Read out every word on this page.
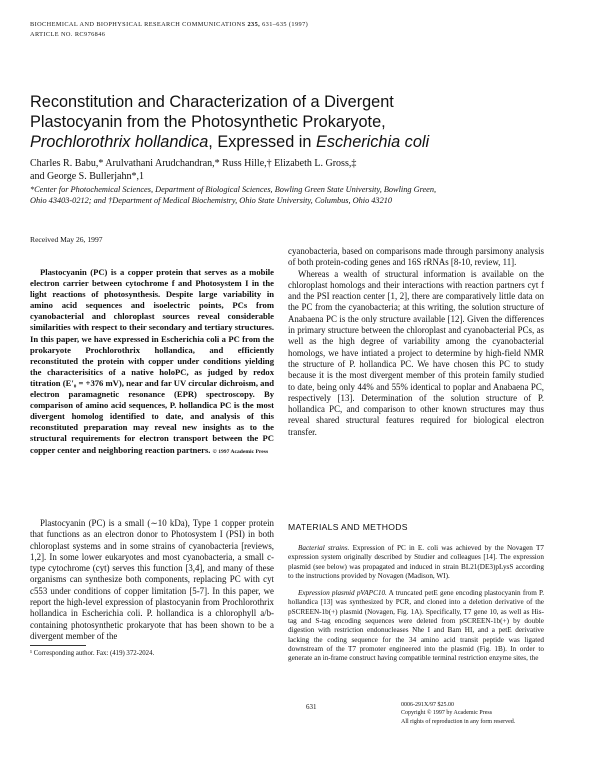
BIOCHEMICAL AND BIOPHYSICAL RESEARCH COMMUNICATIONS 235, 631–635 (1997)
ARTICLE NO. RC976846
Reconstitution and Characterization of a Divergent
Plastocyanin from the Photosynthetic Prokaryote,
Prochlorothrix hollandica, Expressed in Escherichia coli
Charles R. Babu,* Arulvathani Arudchandran,* Russ Hille,† Elizabeth L. Gross,‡
and George S. Bullerjahn*,1
*Center for Photochemical Sciences, Department of Biological Sciences, Bowling Green State University, Bowling Green,
Ohio 43403-0212; and †Department of Medical Biochemistry, Ohio State University, Columbus, Ohio 43210
Received May 26, 1997
Plastocyanin (PC) is a copper protein that serves as a mobile electron carrier between cytochrome f and Photosystem I in the light reactions of photosynthesis. Despite large variability in amino acid sequences and isoelectric points, PCs from cyanobacterial and chloroplast sources reveal considerable similarities with respect to their secondary and tertiary structures. In this paper, we have expressed in Escherichia coli a PC from the prokaryote Prochlorothrix hollandica, and efficiently reconstituted the protein with copper under conditions yielding the characterisitics of a native holoPC, as judged by redox titration (E′₀ = +376 mV), near and far UV circular dichroism, and electron paramagnetic resonance (EPR) spectroscopy. By comparison of amino acid sequences, P. hollandica PC is the most divergent homolog identified to date, and analysis of this reconstituted preparation may reveal new insights as to the structural requirements for electron transport between the PC copper center and neighboring reaction partners. © 1997 Academic Press

Plastocyanin (PC) is a small (∼10 kDa), Type 1 copper protein that functions as an electron donor to Photosystem I (PSI) in both chloroplast systems and in some strains of cyanobacteria [reviews, 1,2]. In some lower eukaryotes and most cyanobacteria, a small c-type cytochrome (cyt) serves this function [3,4], and many of these organisms can synthesize both components, replacing PC with cyt c553 under conditions of copper limitation [5-7]. In this paper, we report the high-level expression of plastocyanin from Prochlorothrix hollandica in Escherichia coli. P. hollandica is a chlorophyll a/b-containing photosynthetic prokaryote that has been shown to be a divergent member of the

cyanobacteria, based on comparisons made through parsimony analysis of both protein-coding genes and 16S rRNAs [8-10, review, 11].

Whereas a wealth of structural information is available on the chloroplast homologs and their interactions with reaction partners cyt f and the PSI reaction center [1, 2], there are comparatively little data on the PC from the cyanobacteria; at this writing, the solution structure of Anabaena PC is the only structure available [12]. Given the differences in primary structure between the chloroplast and cyanobacterial PCs, as well as the high degree of variability among the cyanobacterial homologs, we have intiated a project to determine by high-field NMR the structure of P. hollandica PC. We have chosen this PC to study because it is the most divergent member of this protein family studied to date, being only 44% and 55% identical to poplar and Anabaena PC, respectively [13]. Determination of the solution structure of P. hollandica PC, and comparison to other known structures may thus reveal shared structural features required for biological electron transfer.

MATERIALS AND METHODS

Bacterial strains. Expression of PC in E. coli was achieved by the Novagen T7 expression system originally described by Studier and colleagues [14]. The expression plasmid (see below) was propagated and induced in strain BL21(DE3)pLysS according to the instructions provided by Novagen (Madison, WI).

Expression plasmid pVAPC10. A truncated petE gene encoding plastocyanin from P. hollandica [13] was synthesized by PCR, and cloned into a deletion derivative of the pSCREEN-1b(+) plasmid (Novagen, Fig. 1A). Specifically, T7 gene 10, as well as His-tag and S-tag encoding sequences were deleted from pSCREEN-1b(+) by double digestion with restriction endonucleases Nhe I and Bam HI, and a petE derivative lacking the coding sequence for the 34 amino acid transit peptide was ligated downstream of the T7 promoter engineered into the plasmid (Fig. 1B). In order to generate an in-frame construct having compatible terminal restriction enzyme sites, the

¹ Corresponding author. Fax: (419) 372-2024.
631	0006-291X/97 $25.00
Copyright © 1997 by Academic Press
All rights of reproduction in any form reserved.
